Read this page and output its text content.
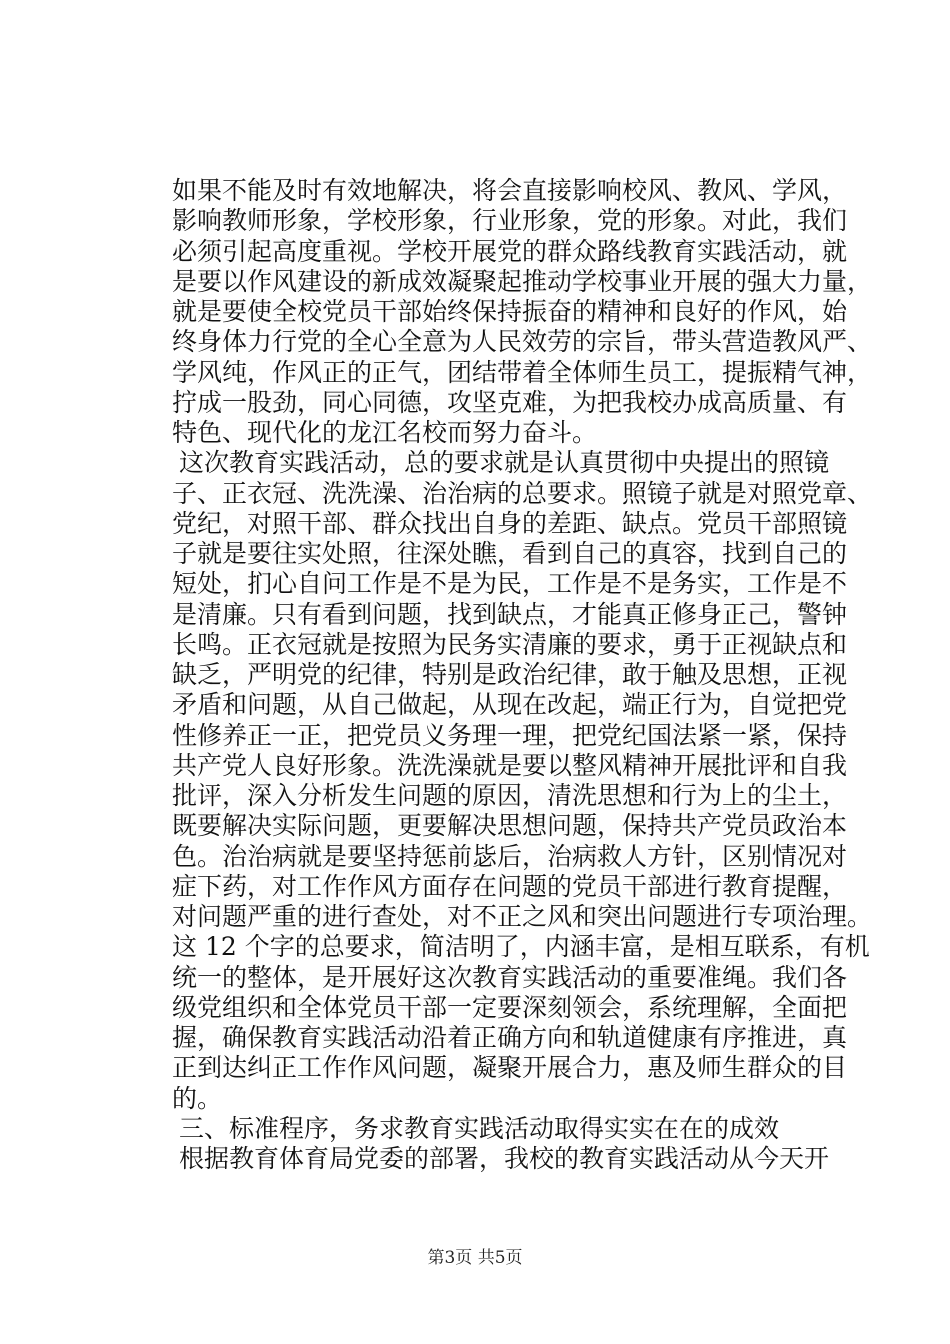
如果不能及时有效地解决，将会直接影响校风、教风、学风，
影响教师形象，学校形象，行业形象，党的形象。对此，我们
必须引起高度重视。学校开展党的群众路线教育实践活动，就
是要以作风建设的新成效凝聚起推动学校事业开展的强大力量，
就是要使全校党员干部始终保持振奋的精神和良好的作风，始
终身体力行党的全心全意为人民效劳的宗旨，带头营造教风严、
学风纯，作风正的正气，团结带着全体师生员工，提振精气神，
拧成一股劲，同心同德，攻坚克难，为把我校办成高质量、有
特色、现代化的龙江名校而努力奋斗。
这次教育实践活动，总的要求就是认真贯彻中央提出的照镜
子、正衣冠、洗洗澡、治治病的总要求。照镜子就是对照党章、
党纪，对照干部、群众找出自身的差距、缺点。党员干部照镜
子就是要往实处照，往深处瞧，看到自己的真容，找到自己的
短处，扪心自问工作是不是为民，工作是不是务实，工作是不
是清廉。只有看到问题，找到缺点，才能真正修身正己，警钟
长鸣。正衣冠就是按照为民务实清廉的要求，勇于正视缺点和
缺乏，严明党的纪律，特别是政治纪律，敢于触及思想，正视
矛盾和问题，从自己做起，从现在改起，端正行为，自觉把党
性修养正一正，把党员义务理一理，把党纪国法紧一紧，保持
共产党人良好形象。洗洗澡就是要以整风精神开展批评和自我
批评，深入分析发生问题的原因，清洗思想和行为上的尘土，
既要解决实际问题，更要解决思想问题，保持共产党员政治本
色。治治病就是要坚持惩前毖后，治病救人方针，区别情况对
症下药，对工作作风方面存在问题的党员干部进行教育提醒，
对问题严重的进行查处，对不正之风和突出问题进行专项治理。
这 12 个字的总要求，简洁明了，内涵丰富，是相互联系，有机
统一的整体，是开展好这次教育实践活动的重要准绳。我们各
级党组织和全体党员干部一定要深刻领会，系统理解，全面把
握，确保教育实践活动沿着正确方向和轨道健康有序推进，真
正到达纠正工作作风问题，凝聚开展合力，惠及师生群众的目
的。
三、标准程序，务求教育实践活动取得实实在在的成效
根据教育体育局党委的部署，我校的教育实践活动从今天开
第3页 共5页
